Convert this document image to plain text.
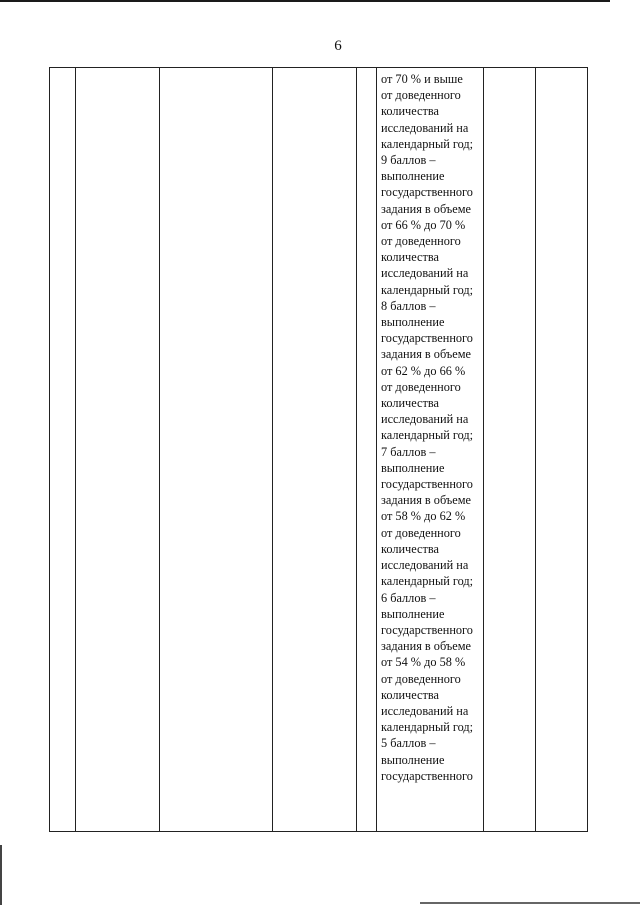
6

от 70 % и выше
от доведенного
количества
исследований на
календарный год;
9 баллов –
выполнение
государственного
задания в объеме
от 66 % до 70 %
от доведенного
количества
исследований на
календарный год;
8 баллов –
выполнение
государственного
задания в объеме
от 62 % до 66 %
от доведенного
количества
исследований на
календарный год;
7 баллов –
выполнение
государственного
задания в объеме
от 58 % до 62 %
от доведенного
количества
исследований на
календарный год;
6 баллов –
выполнение
государственного
задания в объеме
от 54 % до 58 %
от доведенного
количества
исследований на
календарный год;
5 баллов –
выполнение
государственного
